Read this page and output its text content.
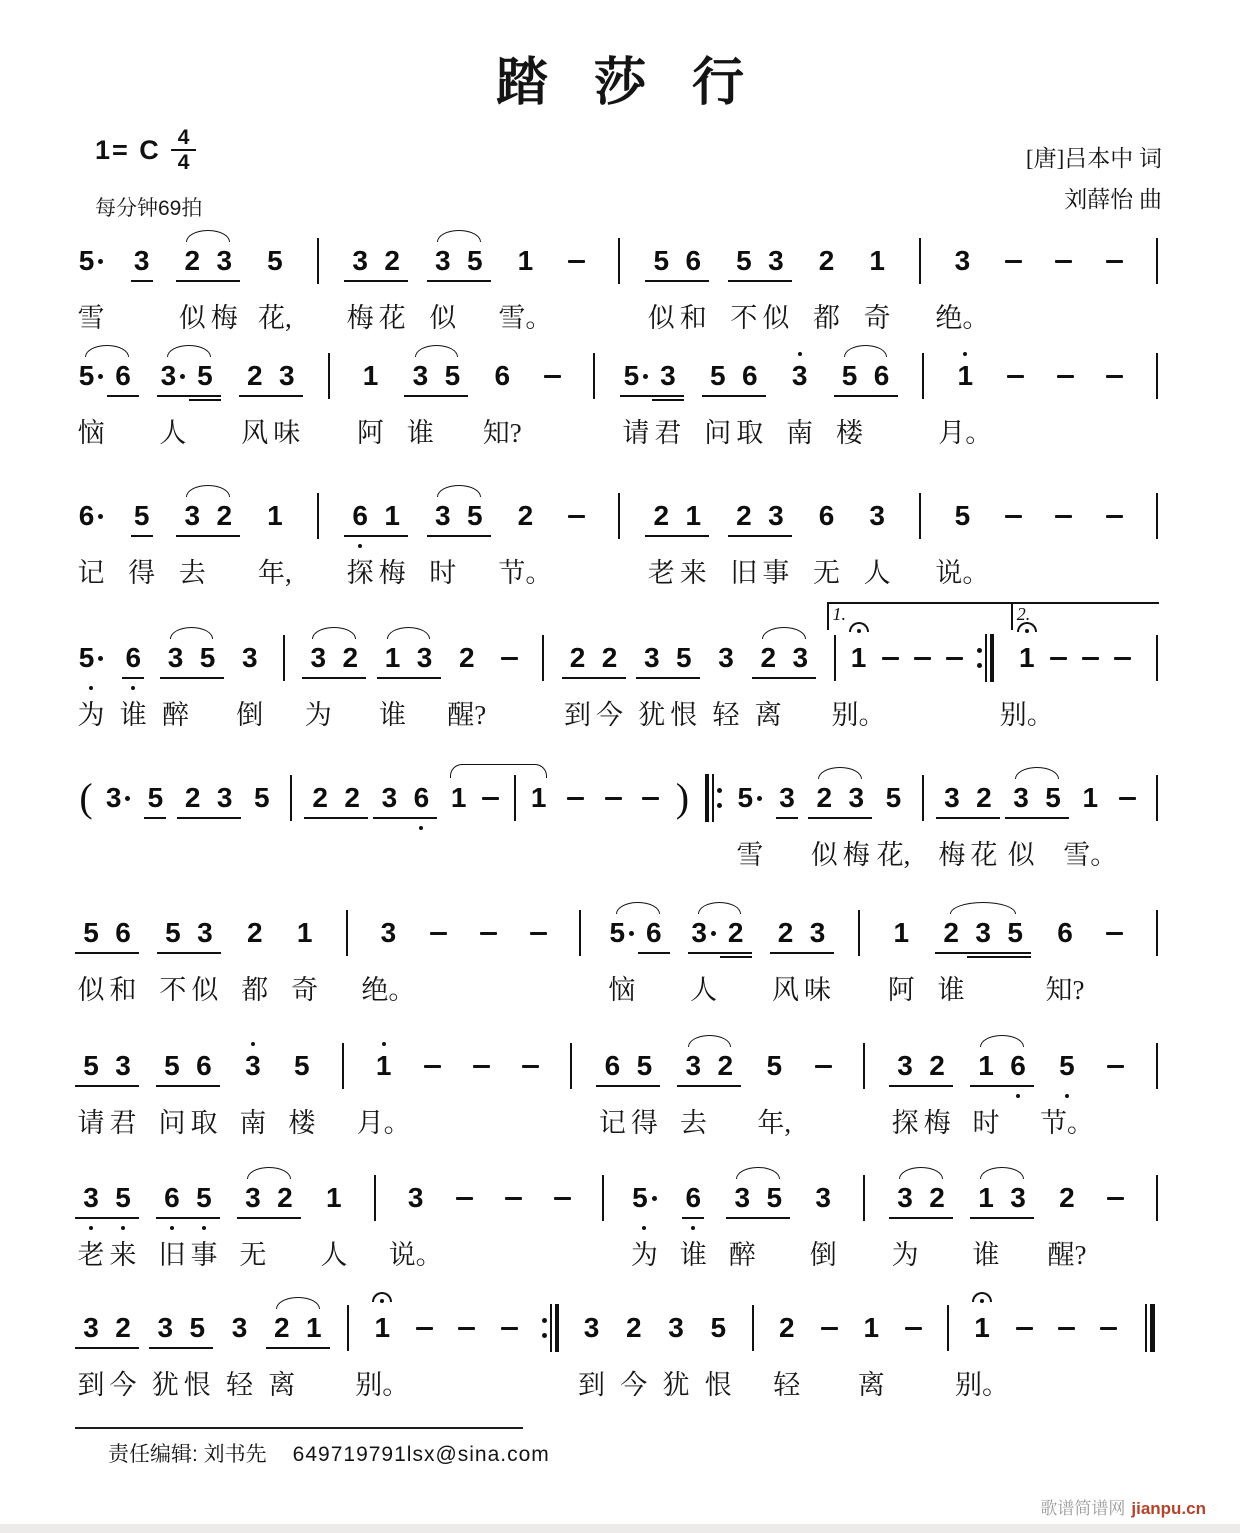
踏莎行
1= C $\frac{4}{4}$
每分钟69拍
[唐]吕本中 词
刘薛怡 曲
5
雪
3 2
似
3
梅
5
花,
3
梅
2
花
3
似
5 1
雪。
5
似
6
和
5
不
3
似
2
都
1
奇
3
绝。
5
恼
6 3
人
5 2
风
3
味
1
阿
3
谁
5 6
知?
5
请
3
君
5
问
6
取
3
南
5
楼
6 1
月。
6
记
5
得
3
去
2 1
年,
6
探
1
梅
3
时
5 2
节。
2
老
1
来
2
旧
3
事
6
无
3
人
5
说。
5
为
6
谁
3
醉
5 3
倒
3
为
2 1
谁
3 2
醒?
2
到
2
今
3
犹
5
恨
3
轻
2
离
3
1.
1
别。
2.
1
别。
( 3 5 2 3 5 2 2 3 6 1 1	) 5
雪
3 2
似
3
梅
5
花,
3
梅
2
花
3
似
5 1
雪。
5
似
6
和
5
不
3
似
2
都
1
奇
3
绝。
5
恼
6 3
人
2 2
风
3
味
1
阿
2
谁
3 5 6
知?
5
请
3
君
5
问
6
取
3
南
5
楼
1
月。
6
记
5
得
3
去
2 5
年,
3
探
2
梅
1
时
6 5
节。
3
老
5
来
6
旧
5
事
3
无
2 1
人
3
说。
5
为
6
谁
3
醉
5 3
倒
3
为
2 1
谁
3 2
醒?
3
到
2
今
3
犹
5
恨
3
轻
2
离
1 1
别。
3
到
2
今
3
犹
5
恨
2
轻
1
离
1
别。
责任编辑: 刘书先 649719791lsx@sina.com
歌谱简谱网 jianpu.cn
